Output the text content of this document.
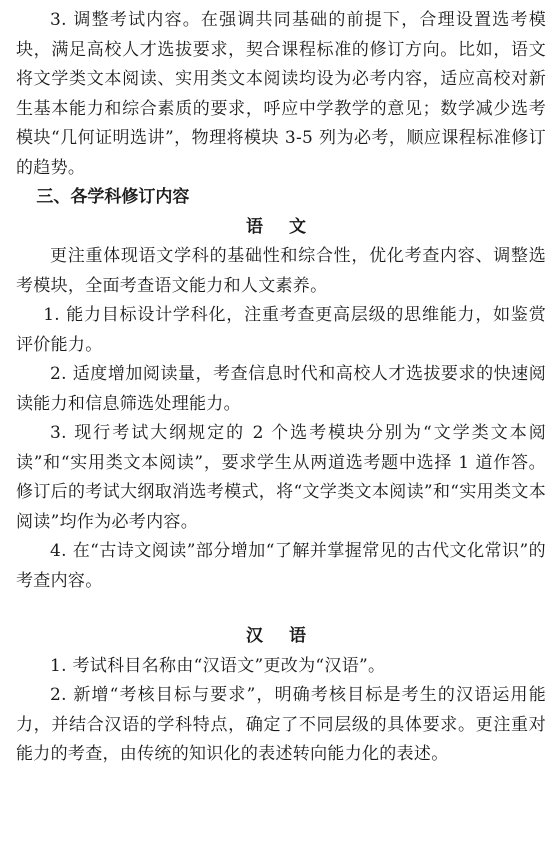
3. 调整考试内容。在强调共同基础的前提下，合理设置选考模块，满足高校人才选拔要求，契合课程标准的修订方向。比如，语文将文学类文本阅读、实用类文本阅读均设为必考内容，适应高校对新生基本能力和综合素质的要求，呼应中学教学的意见；数学减少选考模块“几何证明选讲”，物理将模块 3-5 列为必考，顺应课程标准修订的趋势。

三、各学科修订内容

语 文

更注重体现语文学科的基础性和综合性，优化考查内容、调整选考模块，全面考查语文能力和人文素养。

1. 能力目标设计学科化，注重考查更高层级的思维能力，如鉴赏评价能力。

2. 适度增加阅读量，考查信息时代和高校人才选拔要求的快速阅读能力和信息筛选处理能力。

3. 现行考试大纲规定的 2 个选考模块分别为“文学类文本阅读”和“实用类文本阅读”，要求学生从两道选考题中选择 1 道作答。修订后的考试大纲取消选考模式，将“文学类文本阅读”和“实用类文本阅读”均作为必考内容。

4. 在“古诗文阅读”部分增加“了解并掌握常见的古代文化常识”的考查内容。

汉 语

1. 考试科目名称由“汉语文”更改为“汉语”。

2. 新增“考核目标与要求”，明确考核目标是考生的汉语运用能力，并结合汉语的学科特点，确定了不同层级的具体要求。更注重对能力的考查，由传统的知识化的表述转向能力化的表述。
